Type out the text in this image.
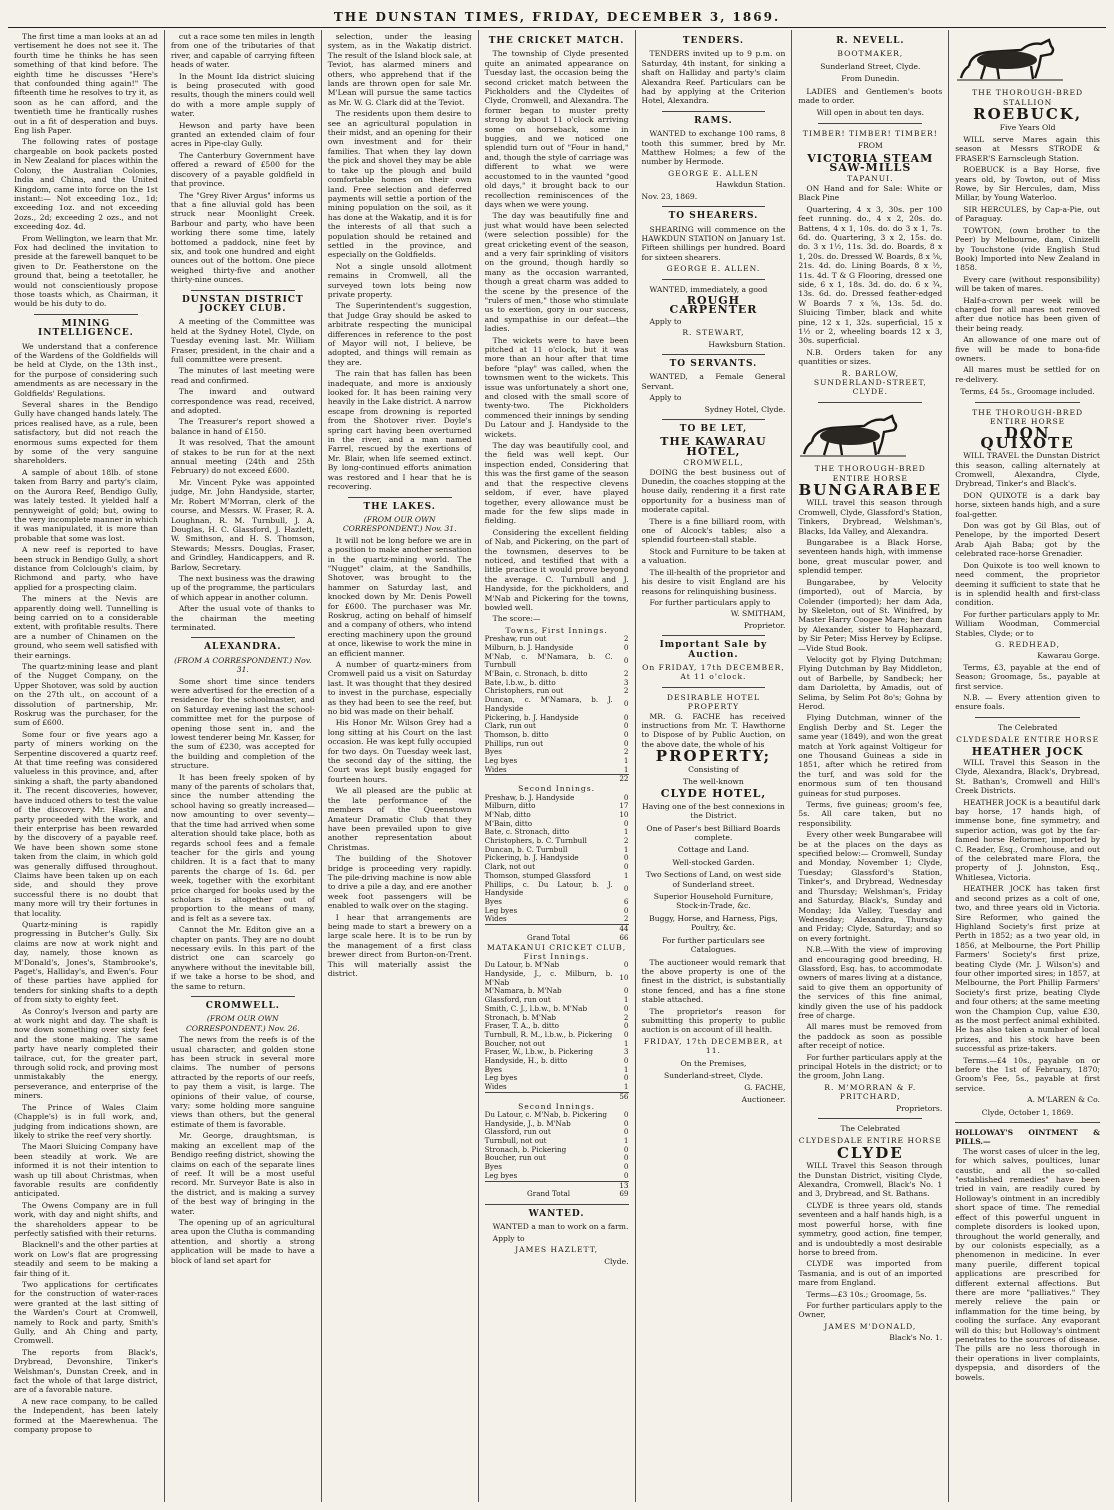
THE DUNSTAN TIMES, FRIDAY, DECEMBER 3, 1869.

The first time a man looks at an ad vertisement he does not see it. The fourth time he thinks he has seen something of that kind before. The eighth time he discusses "Here's that confounded thing again!" The fifteenth time he resolves to try it, as soon as he can afford, and the twentieth time he frantically rushes out in a fit of desperation and buys. Eng lish Paper.

The following rates of postage chargeable on book packets posted in New Zealand for places within the Colony, the Australian Colonies, India and China, and the United Kingdom, came into force on the 1st instant:— Not exceeding 1oz., 1d; exceeding 1oz. and not exceeding 2ozs., 2d; exceeding 2 ozs., and not exceeding 4oz. 4d.

From Wellington, we learn that Mr. Fox had declined the invitation to preside at the farewell banquet to be given to Dr. Featherstone on the ground that, being a teetotaller, he would not conscientiously propose those toasts which, as Chairman, it would be his duty to do.

MINING INTELLIGENCE.

We understand that a conference of the Wardens of the Goldfields will be held at Clyde, on the 13th inst., for the purpose of considering such amendments as are necessary in the Goldfields' Regulations.

Several shares in the Bendigo Gully have changed hands lately. The prices realised have, as a rule, been satisfactory, but did not reach the enormous sums expected for them by some of the very sanguine shareholders.

A sample of about 18lb. of stone taken from Barry and party's claim, on the Aurora Reef, Bendigo Gully, was lately tested. It yielded half a pennyweight of gold; but, owing to the very incomplete manner in which it was manipulated, it is more than probable that some was lost.

A new reef is reported to have been struck in Bendigo Gully, a short distance from Colclough's claim, by Richmond and party, who have applied for a prospecting claim.

The miners at the Nevis are apparently doing well. Tunnelling is being carried on to a considerable extent, with profitable results. There are a number of Chinamen on the ground, who seem well satisfied with their earnings.

The quartz-mining lease and plant of the Nugget Company, on the Upper Shotover, was sold by auction on the 27th ult., on account of a dissolution of partnership, Mr. Roskrug was the purchaser, for the sum of £600.

Some four or five years ago a party of miners working on the Serpentine discovered a quartz reef. At that time reefing was considered valueless in this province, and, after sinking a shaft, the party abandoned it. The recent discoveries, however, have induced others to test the value of the discovery. Mr. Hastie and party proceeded with the work, and their enterprise has been rewarded by the discovery of a payable reef. We have been shown some stone taken from the claim, in which gold was generally diffused throughout. Claims have been taken up on each side, and should they prove successful there is no doubt that many more will try their fortunes in that locality.

Quartz-mining is rapidly progressing in Butcher's Gully. Six claims are now at work night and day, namely, those known as M'Donald's, Jones's, Stambrooke's, Paget's, Halliday's, and Ewen's. Four of these parties have applied for tenders for sinking shafts to a depth of from sixty to eighty feet.

As Conroy's Iverson and party are at work night and day. The shaft is now down something over sixty feet and the stone making. The same party have nearly completed their tailrace, cut, for the greater part, through solid rock, and proving most unmistakably the energy, perseverance, and enterprise of the miners.

The Prince of Wales Claim (Chapple's) is in full work, and, judging from indications shown, are likely to strike the reef very shortly.

The Maori Sluicing Company have been steadily at work. We are informed it is not their intention to wash up till about Christmas, when favorable results are confidently anticipated.

The Owens Company are in full work, with day and night shifts, and the shareholders appear to be perfectly satisfied with their returns.

Blacknell's and the other parties at work on Low's flat are progressing steadily and seem to be making a fair thing of it.

Two applications for certificates for the construction of water-races were granted at the last sitting of the Warden's Court at Cromwell, namely to Rock and party, Smith's Gully, and Ah Ching and party, Cromwell.

The reports from Black's, Drybread, Devonshire, Tinker's Welshman's, Dunstan Creek, and in fact the whole of that large district, are of a favorable nature.

A new race company, to be called the Independent, has been lately formed at the Maerewhenua. The company propose to

cut a race some ten miles in length from one of the tributaries of that river, and capable of carrying fifteen heads of water.

In the Mount Ida district sluicing is being prosecuted with good results, though the miners could well do with a more ample supply of water.

Hewson and party have been granted an extended claim of four acres in Pipe-clay Gully.

The Canterbury Government have offered a reward of £500 for the discovery of a payable goldfield in that province.

The "Grey River Argus" informs us that a fine alluvial gold has been struck near Moonlight Creek. Barbour and party, who have been working there some time, lately bottomed a paddock, nine feet by six, and took one hundred and eight ounces out of the bottom. One piece weighed thirty-five and another thirty-nine ounces.

DUNSTAN DISTRICT JOCKEY CLUB.

A meeting of the Committee was held at the Sydney Hotel, Clyde, on Tuesday evening last. Mr. William Fraser, president, in the chair and a full committee were present.

The minutes of last meeting were read and confirmed.

The inward and outward correspondence was read, received, and adopted.

The Treasurer's report showed a balance in hand of £150.

It was resolved, That the amount of stakes to be run for at the next annual meeting (24th and 25th February) do not exceed £600.

Mr. Vincent Pyke was appointed judge, Mr. John Handyside, starter, Mr. Robert M'Morran, clerk of the course, and Messrs. W. Fraser, R. A. Loughnan, R. M. Turnbull, J. A. Douglas, H. C. Glassford, J. Hazlett, W. Smithson, and H. S. Thomson, Stewards; Messrs. Douglas, Fraser, and Grindley, Handicappers, and R. Barlow, Secretary.

The next business was the drawing up of the programme, the particulars of which appear in another column.

After the usual vote of thanks to the chairman the meeting terminated.

ALEXANDRA.
(FROM A CORRESPONDENT.) Nov. 31.

Some short time since tenders were advertised for the erection of a residence for the schoolmaster, and on Saturday evening last the school-committee met for the purpose of opening those sent in, and the lowest tenderer being Mr. Kasser, for the sum of £230, was accepted for the building and completion of the structure.

It has been freely spoken of by many of the parents of scholars that, since the number attending the school having so greatly increased—now amounting to over seventy—that the time had arrived when some alteration should take place, both as regards school fees and a female teacher for the girls and young children. It is a fact that to many parents the charge of 1s. 6d. per week, together with the exorbitant price charged for books used by the scholars is altogether out of proportion to the means of many, and is felt as a severe tax.

Cannot the Mr. Editon give an a chapter on pants. They are no doubt necessary evils. In this part of the district one can scarcely go anywhere without the inevitable bill, if we take a horse to be shod, and the same to return.

CROMWELL.
(FROM OUR OWN CORRESPONDENT.) Nov. 26.

The news from the reefs is of the usual character, and golden stone has been struck in several more claims. The number of persons attracted by the reports of our reefs, to pay them a visit, is large. The opinions of their value, of course, vary; some holding more sanguine views than others, but the general estimate of them is favorable.

Mr. George, draughtsman, is making an excellent map of the Bendigo reefing district, showing the claims on each of the separate lines of reef. It will be a most useful record. Mr. Surveyor Bate is also in the district, and is making a survey of the best way of bringing in the water.

The opening up of an agricultural area upon the Clutha is commanding attention, and shortly a strong application will be made to have a block of land set apart for

selection, under the leasing system, as in the Wakatip district. The result of the Island block sale, at Teviot, has alarmed miners and others, who apprehend that if the lands are thrown open for sale Mr. M'Lean will pursue the same tactics as Mr. W. G. Clark did at the Teviot.

The residents upon them desire to see an agricultural population in their midst, and an opening for their own investment and for their families. That when they lay down the pick and shovel they may be able to take up the plough and build comfortable homes on their own land. Free selection and deferred payments will settle a portion of the mining population on the soil, as it has done at the Wakatip, and it is for the interests of all that such a population should be retained and settled in the province, and especially on the Goldfields.

Not a single unsold allotment remains in Cromwell, all the surveyed town lots being now private property.

The Superintendent's suggestion, that Judge Gray should be asked to arbitrate respecting the municipal differences in reference to the post of Mayor will not, I believe, be adopted, and things will remain as they are.

The rain that has fallen has been inadequate, and more is anxiously looked for. It has been raining very heavily in the Lake district. A narrow escape from drowning is reported from the Shotover river. Doyle's spring cart having been overturned in the river, and a man named Farrel, rescued by the exertions of Mr. Blair, when life seemed extinct. By long-continued efforts animation was restored and I hear that he is recovering.

THE LAKES.
(FROM OUR OWN CORRESPONDENT.) Nov. 31.

It will not be long before we are in a position to make another sensation in the quartz-mining world. The "Nugget" claim, at the Sandhills, Shotover, was brought to the hammer on Saturday last, and knocked down by Mr. Denis Powell for £600. The purchaser was Mr. Roskrug, acting on behalf of himself and a company of others, who intend erecting machinery upon the ground at once, likewise to work the mine in an efficient manner.

A number of quartz-miners from Cromwell paid us a visit on Saturday last. It was thought that they desired to invest in the purchase, especially as they had been to see the reef, but no bid was made on their behalf.

His Honor Mr. Wilson Grey had a long sitting at his Court on the last occasion. He was kept fully occupied for two days. On Tuesday week last, the second day of the sitting, the Court was kept busily engaged for fourteen hours.

We all pleased are the public at the late performance of the members of the Queenstown Amateur Dramatic Club that they have been prevailed upon to give another representation about Christmas.

The building of the Shotover bridge is proceeding very rapidly. The pile-driving machine is now able to drive a pile a day, and ere another week foot passengers will be enabled to walk over on the staging.

I hear that arrangements are being made to start a brewery on a large scale here. It is to be run by the management of a first class brewer direct from Burton-on-Trent. This will materially assist the district.

THE CRICKET MATCH.

The township of Clyde presented quite an animated appearance on Tuesday last, the occasion being the second cricket match between the Pickholders and the Clydeites of Clyde, Cromwell, and Alexandra. The former began to muster pretty strong by about 11 o'clock arriving some on horseback, some in buggies, and we noticed one splendid turn out of "Four in hand," and, though the style of carriage was different to what we were accustomed to in the vaunted "good old days," it brought back to our recollection reminiscences of the days when we were young.

The day was beautifully fine and just what would have been selected (were selection possible) for the great cricketing event of the season, and a very fair sprinkling of visitors on the ground, though hardly so many as the occasion warranted, though a great charm was added to the scene by the presence of the "rulers of men," those who stimulate us to exertion, gory in our success, and sympathise in our defeat—the ladies.

The wickets were to have been pitched at 11 o'clock, but it was more than an hour after that time before "play" was called, when the townsmen went to the wickets. This issue was unfortunately a short one, and closed with the small score of twenty-two. The Pickholders commenced their innings by sending Du Latour and J. Handyside to the wickets.

The day was beautifully cool, and the field was well kept. Our inspection ended, Considering that this was the first game of the season and that the respective clevens seldom, if ever, have played together, every allowance must be made for the few slips made in fielding.

Considering the excellent fielding of Nab, and Pickering, on the part of the townsmen, deserves to be noticed, and testified that with a little practice it would prove beyond the average. C. Turnbull and J. Handyside, for the pickholders, and M'Nab and Pickering for the towns, bowled well.

The score:—

Towns, First Innings.
Preshaw, run out	2
Milburn, b. J. Handyside	0
M'Nab, c. M'Namara, b. C. Turnbull	0
M'Bain, c. Stronach, b. ditto	2
Bate, l.b.w., b. ditto	3
Christophers, run out	2
Duncan, c. M'Namara, b. J. Handyside	0
Pickering, b. J. Handyside	0
Clark, run out	0
Thomson, b. ditto	0
Phillips, run out	0
Byes	2
Leg byes	1
Wides	1
	22
Second Innings.
Preshaw, b. J. Handyside	0
Milburn, ditto	17
M'Nab, ditto	10
M'Bain, ditto	0
Bate, c. Stronach, ditto	1
Christophers, b. C. Turnbull	2
Duncan, b. C. Turnbull	1
Pickering, b. J. Handyside	0
Clark, not out	0
Thomson, stumped Glassford	1
Phillips, c. Du Latour, b. J. Handyside	0
Byes	6
Leg byes	0
Wides	2
	44
Grand Total	66
MATAKANUI CRICKET CLUB, First Innings.
Du Latour, b. M'Nab	0
Handyside, J., c. Milburn, b. M'Nab	10
M'Namara, b. M'Nab	0
Glassford, run out	1
Smith, C. J., l.b.w., b. M'Nab	0
Stronach, b. M'Nab	2
Fraser, T. A., b. ditto	0
Turnbull, R. M., l.b.w., b. Pickering	0
Boucher, not out	1
Fraser, W., l.b.w., b. Pickering	3
Handyside, H., b. ditto	0
Byes	1
Leg byes	0
Wides	1
	56
Second Innings.
Du Latour, c. M'Nab, b. Pickering	0
Handyside, J., b. M'Nab	0
Glassford, run out	0
Turnbull, not out	1
Stronach, b. Pickering	0
Boucher, run out	0
Byes	0
Leg byes	0
	13
Grand Total	69
WANTED.

WANTED a man to work on a farm.

Apply to

JAMES HAZLETT,
Clyde.
TENDERS.

TENDERS invited up to 9 p.m. on Saturday, 4th instant, for sinking a shaft on Halliday and party's claim Alexandra Reef. Particulars can be had by applying at the Criterion Hotel, Alexandra.

RAMS.

WANTED to exchange 100 rams, 8 tooth this summer, bred by Mr. Matthew Holmes; a few of the number by Hermode.

GEORGE E. ALLEN
Hawkdun Station.
Nov. 23, 1869.
TO SHEARERS.

SHEARING will commence on the HAWKDUN STATION on January 1st. Fifteen shillings per hundred. Board for sixteen shearers.

GEORGE E. ALLEN.

WANTED, immediately, a good

ROUGH CARPENTER

Apply to

R. STEWART,
Hawksburn Station.
TO SERVANTS.

WANTED, a Female General Servant.

Apply to

Sydney Hotel, Clyde.
TO BE LET,
THE KAWARAU HOTEL,
CROMWELL,

DOING the best business out of Dunedin, the coaches stopping at the house daily, rendering it a first rate opportunity for a business man of moderate capital.

There is a fine billiard room, with one of Alcock's tables; also a splendid fourteen-stall stable.

Stock and Furniture to be taken at a valuation.

The ill-health of the proprietor and his desire to visit England are his reasons for relinquishing business.

For further particulars apply to

W. SMITHAM,
Proprietor.
Important Sale by Auction.
On FRIDAY, 17th DECEMBER,
At 11 o'clock.
DESIRABLE HOTEL PROPERTY

MR. G. FACHE has received instructions from Mr. T. Hawthorne to Dispose of by Public Auction, on the above date, the whole of his

PROPERTY;
Consisting of
The well-known
CLYDE HOTEL,
Having one of the best connexions in the District.
One of Paser's best Billiard Boards complete.
Cottage and Land.
Well-stocked Garden.
Two Sections of Land, on west side of Sunderland street.
Superior Household Furniture, Stock-in-Trade, &c.
Buggy, Horse, and Harness, Pigs, Poultry, &c.
For further particulars see Catalogues.

The auctioneer would remark that the above property is one of the finest in the district, is substantially stone fenced, and has a fine stone stable attached.

The proprietor's reason for submitting this property to public auction is on account of ill health.

FRIDAY, 17th DECEMBER, at 11.
On the Premises,
Sunderland-street, Clyde.
G. FACHE,
Auctioneer.
R. NEVELL.
BOOTMAKER,
Sunderland Street, Clyde.
From Dunedin.

LADIES and Gentlemen's boots made to order.

Will open in about ten days.
TIMBER! TIMBER! TIMBER!
FROM
VICTORIA STEAM SAW-MILLS
TAPANUI.

ON Hand and for Sale: White or Black Pine

Quartering, 4 x 3, 30s. per 100 feet running. do., 4 x 2, 20s. do. Battens, 4 x 1, 10s. do. do 3 x 1, 7s. 6d. do. Quartering, 3 x 2, 15s. do. do. 3 x 1½, 11s. 3d. do. Boards, 8 x 1, 20s. do. Dressed W. Boards, 8 x ⅝, 21s. 4d. do. Lining Boards, 8 x ½, 11s. 4d. T & G Flooring, dressed one side, 6 x 1, 18s. 3d. do. do. 6 x ¾, 13s. 6d. do. Dressed feather-edged W Boards 7 x ⅝, 13s. 5d. do. Sluicing Timber, black and white pine, 12 x 1, 32s. superficial, 15 x 1½ or 2, wheeling boards 12 x 3, 30s. superficial.

N.B. Orders taken for any quantities or sizes.

R. BARLOW,
SUNDERLAND-STREET, CLYDE.
THE THOROUGH-BRED ENTIRE HORSE
BUNGARABEE

WILL travel this season through Cromwell, Clyde, Glassford's Station, Tinkers, Drybread, Welshman's, Blacks, Ida Valley, and Alexandra.

Bungarabee is a Black Horse, seventeen hands high, with immense bone, great muscular power, and splendid temper.

Bungarabee, by Velocity (imported), out of Marcia, by Colender (imported); her dam Ada, by Skeleton, out of St. Winifred, by Master Harry Coogee Mare; her dam by Alexander, sister to Haphazard, by Sir Peter; Miss Hervey by Eclipse.—Vide Stud Book.

Velocity got by Flying Dutchman; Flying Dutchman by Bay Middleton, out of Barbelle, by Sandbeck; her dam Darioletta, by Amadis, out of Selima, by Selim Pot 8o's; Gohna by Herod.

Flying Dutchman, winner of the English Derby and St. Leger the same year (1849), and won the great match at York against Voltigeur for one Thousand Guineas a side in 1851, after which he retired from the turf, and was sold for the enormous sum of ten thousand guineas for stud purposes.

Terms, five guineas; groom's fee, 5s. All care taken, but no responsibility.

Every other week Bungarabee will be at the places on the days as specified below:— Cromwell, Sunday and Monday, November 1; Clyde, Tuesday; Glassford's Station, Tinker's, and Drybread, Wednesday and Thursday; Welshman's, Friday and Saturday, Black's, Sunday and Monday; Ida Valley, Tuesday and Wednesday; Alexandra, Thursday and Friday; Clyde, Saturday; and so on every fortnight.

N.B.—With the view of improving and encouraging good breeding, H. Glassford, Esq. has, to accommodate owners of mares living at a distance, said to give them an opportunity of the services of this fine animal, kindly given the use of his paddock free of charge.

All mares must be removed from the paddock as soon as possible after receipt of notice.

For further particulars apply at the principal Hotels in the district; or to the groom, John Lang.

R. M'MORRAN & F. PRITCHARD,
Proprietors.
The Celebrated
CLYDESDALE ENTIRE HORSE
CLYDE

WILL Travel this Season through the Dunstan District, visiting Clyde, Alexandra, Cromwell, Black's No. 1 and 3, Drybread, and St. Bathans.

CLYDE is three years old, stands seventeen and a half hands high, is a most powerful horse, with fine symmetry, good action, fine temper, and is undoubtedly a most desirable horse to breed from.

CLYDE was imported from Tasmania, and is out of an imported mare from England.

Terms—£3 10s.; Groomage, 5s.

For further particulars apply to the Owner,

JAMES M'DONALD,
Black's No. 1.
THE THOROUGH-BRED STALLION
ROEBUCK,
Five Years Old

WILL serve Mares again this season at Messrs STRODE & FRASER'S Earnscleugh Station.

ROEBUCK is a Bay Horse, five years old, by Towton, out of Miss Rowe, by Sir Hercules, dam, Miss Millar, by Young Waterloo.

SIR HERCULES, by Cap-a-Pie, out of Paraguay.

TOWTON, (own brother to the Peer) by Melbourne, dam, Cinizelli by Touchstone (vide English Stud Book) Imported into New Zealand in 1858.

Every care (without responsibility) will be taken of mares.

Half-a-crown per week will be charged for all mares not removed after due notice has been given of their being ready.

An allowance of one mare out of five will be made to bona-fide owners.

All mares must be settled for on re-delivery.

Terms, £4 5s., Groomage included.
THE THOROUGH-BRED ENTIRE HORSE
DON QUIXOTE

WILL TRAVEL the Dunstan District this season, calling alternately at Cromwell, Alexandra, Clyde, Drybread, Tinker's and Black's.

DON QUIXOTE is a dark bay horse, sixteen hands high, and a sure foal-getter.

Don was got by Gil Blas, out of Penelope, by the imported Desert Arab Ajah Baba; got by the celebrated race-horse Grenadier.

Don Quixote is too well known to need comment, the proprietor deeming it sufficient to state that he is in splendid health and first-class condition.

For further particulars apply to Mr. William Woodman, Commercial Stables, Clyde; or to

G. REDHEAD,
Kawarau Gorge.

Terms, £3, payable at the end of Season; Groomage, 5s., payable at first service.

N.B. — Every attention given to ensure foals.

The Celebrated
CLYDESDALE ENTIRE HORSE
HEATHER JOCK

WILL Travel this Season in the Clyde, Alexandra, Black's, Drybread, St. Bathan's, Cromwell and Hill's Creek Districts.

HEATHER JOCK is a beautiful dark bay horse, 17 hands high, of immense bone, fine symmetry, and superior action, was got by the far-famed horse Reformer, imported by C. Reader, Esq., Cromhouse, and out of the celebrated mare Flora, the property of J. Johnston, Esq., Whitlesea, Victoria.

HEATHER JOCK has taken first and second prizes as a colt of one, two, and three years old in Victoria. Sire Reformer, who gained the Highland Society's first prize at Perth in 1852; as a two year old, in 1856, at Melbourne, the Port Phillip Farmers' Society's first prize, beating Clyde (Mr. J. Wilson's) and four other imported sires; in 1857, at Melbourne, the Port Phillip Farmers' Society's first prize, beating Clyde and four others; at the same meeting won the Champion Cup, value £30, as the most perfect animal exhibited. He has also taken a number of local prizes, and his stock have been successful as prize-takers.

Terms.—£4 10s., payable on or before the 1st of February, 1870; Groom's Fee, 5s., payable at first service.

A. M'LAREN & Co.
Clyde, October 1, 1869.
HOLLOWAY'S OINTMENT & PILLS.—

The worst cases of ulcer in the leg, for which salves, poultices, lunar caustic, and all the so-called "established remedies" have been tried in vain, are readily cured by Holloway's ointment in an incredibly short space of time. The remedial effect of this powerful unguent in complete disorders is looked upon, throughout the world generally, and by our colonists especially, as a phenomenon in medicine. In ever many puerile, different topical applications are prescribed for different external affections. But there are more "palliatives." They merely relieve the pain or inflammation for the time being, by cooling the surface. Any evaporant will do this; but Holloway's ointment penetrates to the sources of disease. The pills are no less thorough in their operations in liver complaints, dyspepsia, and disorders of the bowels.
